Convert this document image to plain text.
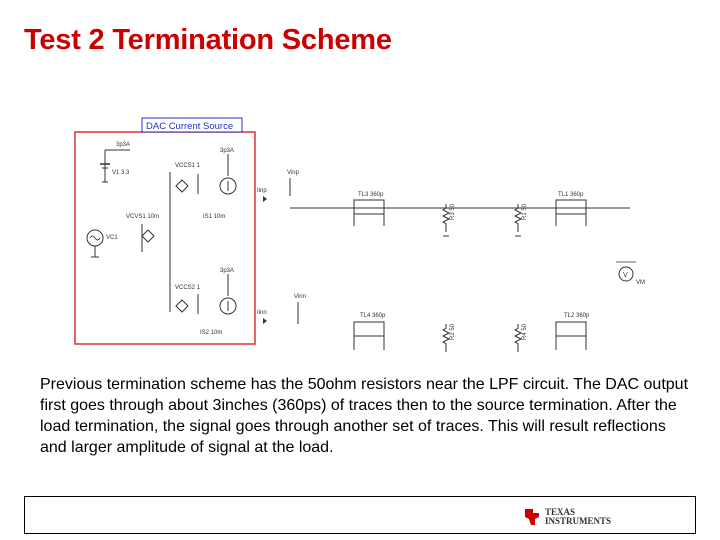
Test 2 Termination Scheme
DAC Current Source
3p3A
V1 3.3
VC1
VCVS1 10m
VCCS1 1
3p3A
IS1 10m
3p3A
VCCS2 1
IS2 10m
Vinp
Iinp
Vinn
Iinn
TL3 360p	TL1 360p
R3 50	R1 50
TL4 360p	TL2 360p
R2 50	R4 50
V
VM
Previous termination scheme has the 50ohm resistors near the LPF circuit. The DAC output first goes through about 3inches (360ps) of traces then to the source termination. After the load termination, the signal goes through another set of traces. This will result reflections and larger amplitude of signal at the load.
TEXAS
INSTRUMENTS
